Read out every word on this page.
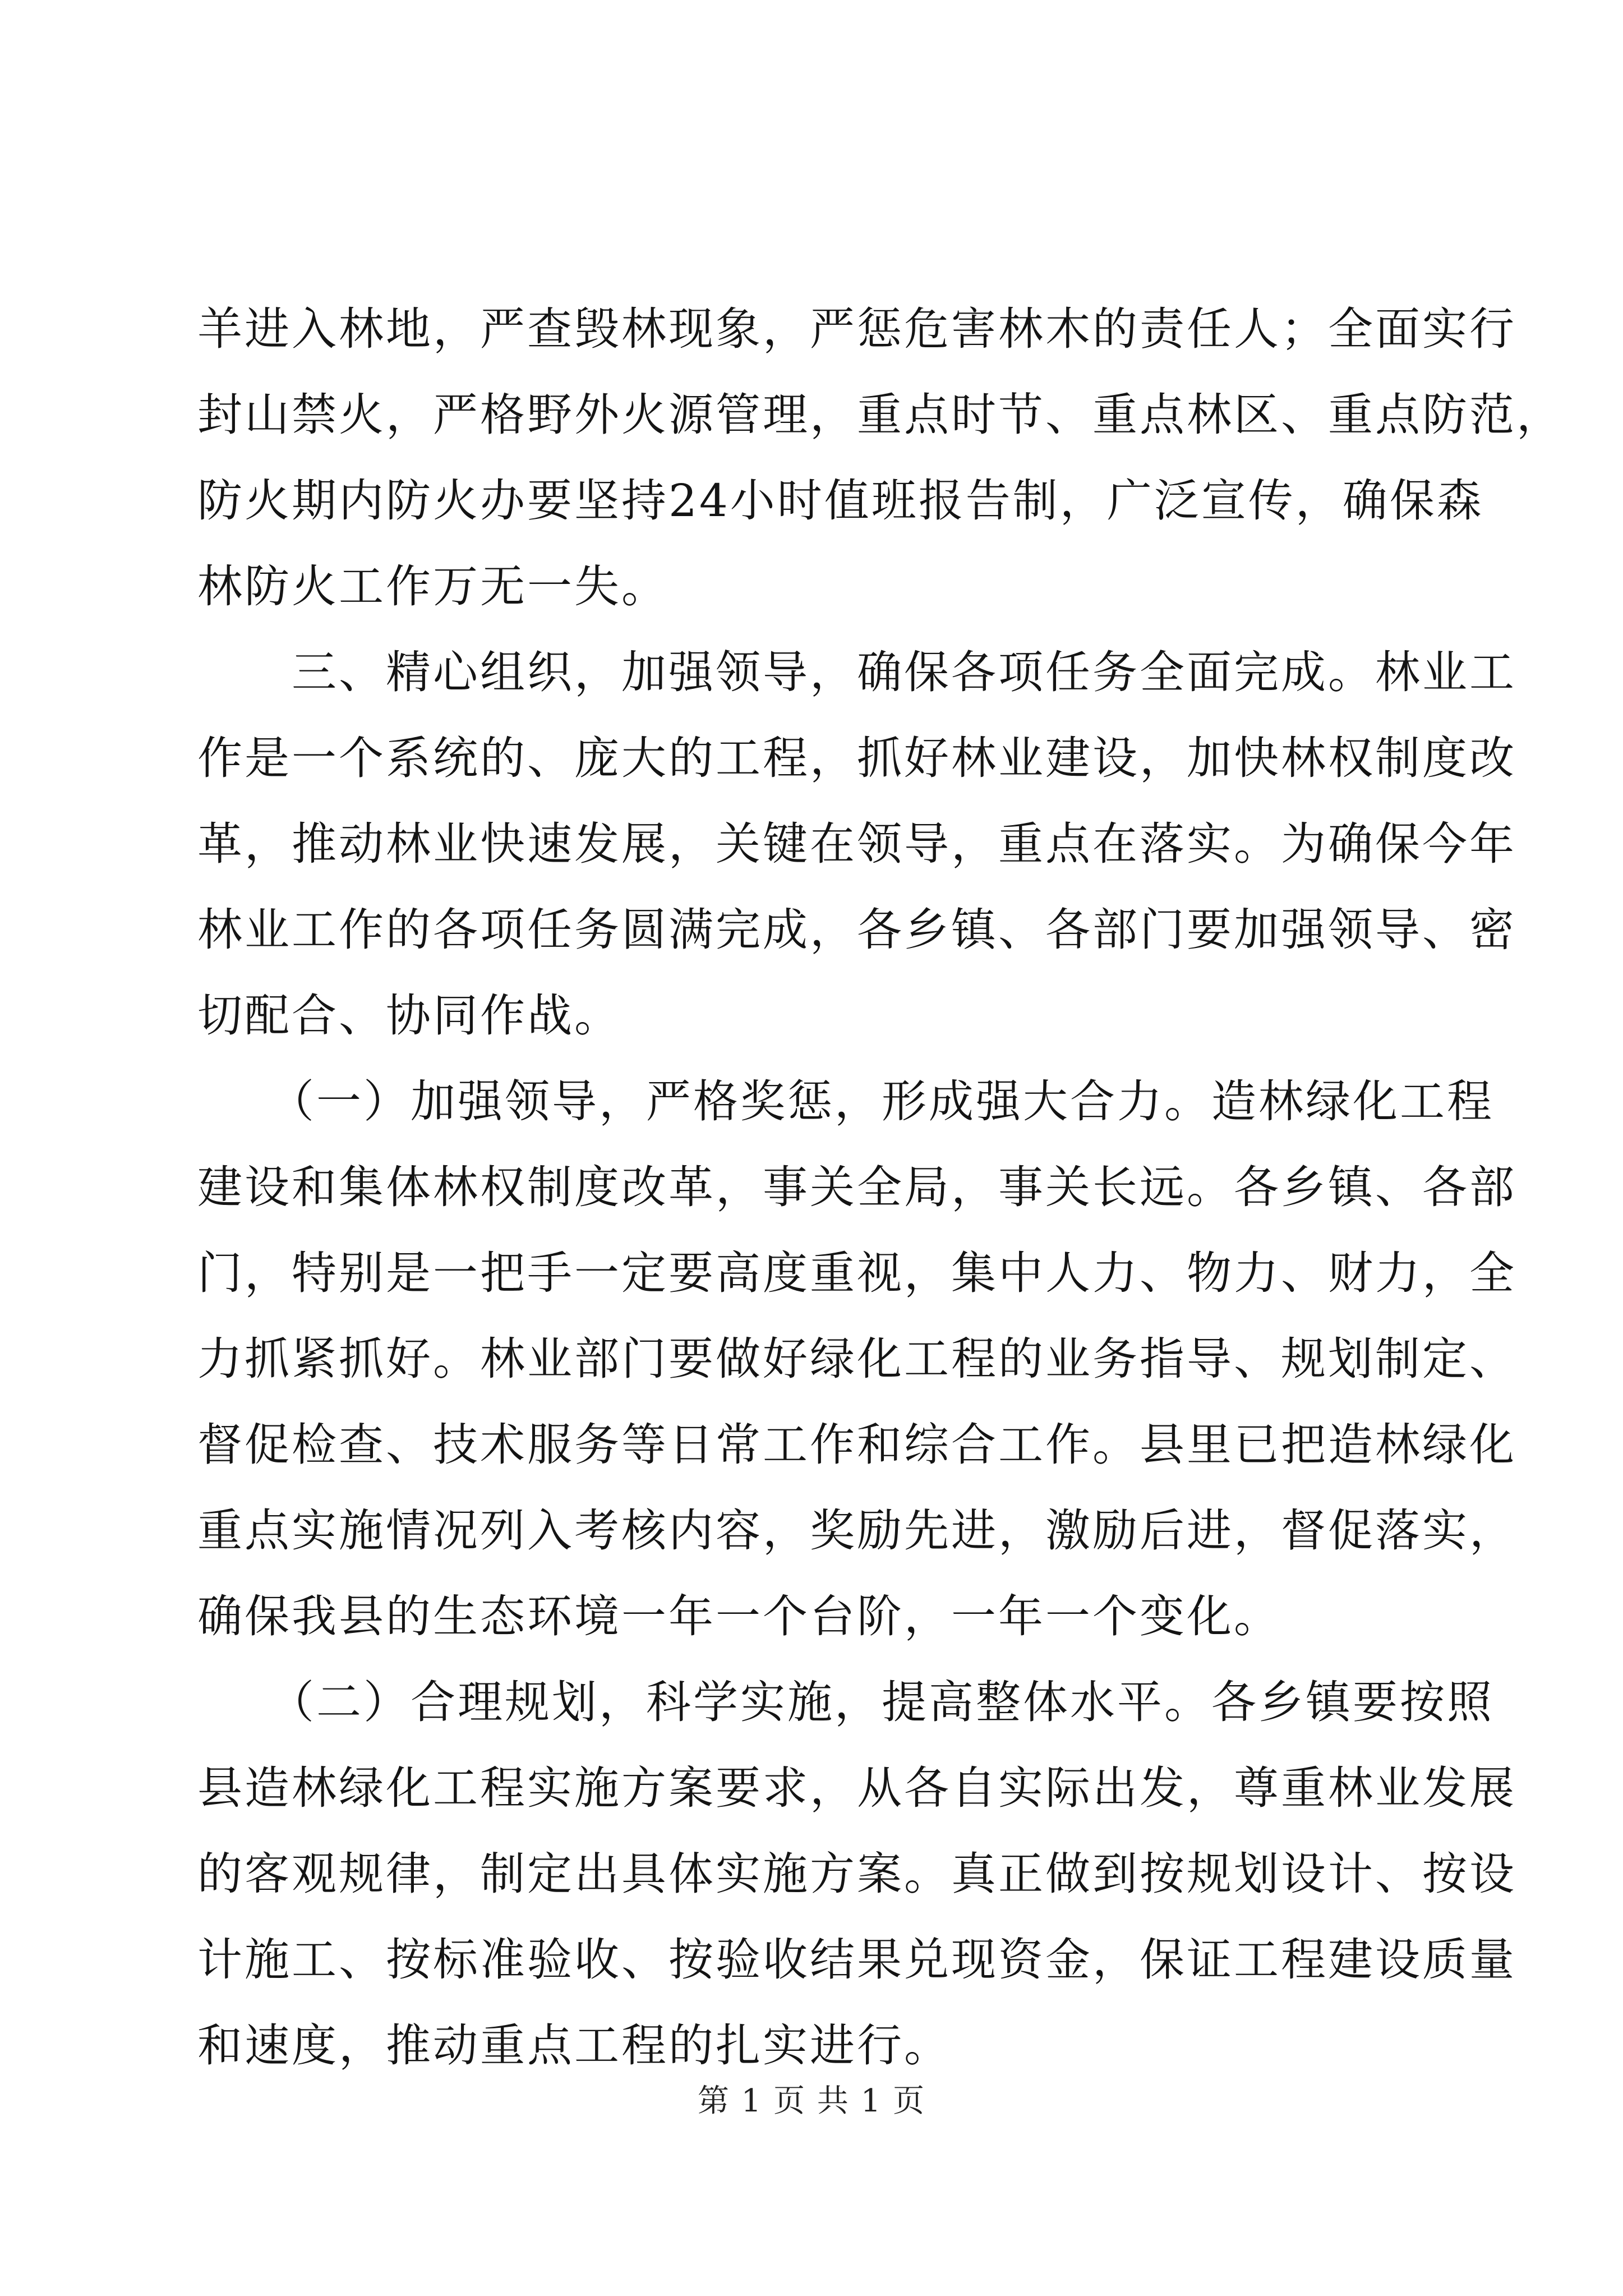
羊进入林地，严查毁林现象，严惩危害林木的责任人；全面实行
封山禁火，严格野外火源管理，重点时节、重点林区、重点防范，
防火期内防火办要坚持24小时值班报告制，广泛宣传，确保森
林防火工作万无一失。
　　三、精心组织，加强领导，确保各项任务全面完成。林业工
作是一个系统的、庞大的工程，抓好林业建设，加快林权制度改
革，推动林业快速发展，关键在领导，重点在落实。为确保今年
林业工作的各项任务圆满完成，各乡镇、各部门要加强领导、密
切配合、协同作战。
　　（一）加强领导，严格奖惩，形成强大合力。造林绿化工程
建设和集体林权制度改革，事关全局，事关长远。各乡镇、各部
门，特别是一把手一定要高度重视，集中人力、物力、财力，全
力抓紧抓好。林业部门要做好绿化工程的业务指导、规划制定、
督促检查、技术服务等日常工作和综合工作。县里已把造林绿化
重点实施情况列入考核内容，奖励先进，激励后进，督促落实，
确保我县的生态环境一年一个台阶，一年一个变化。
　　（二）合理规划，科学实施，提高整体水平。各乡镇要按照
县造林绿化工程实施方案要求，从各自实际出发，尊重林业发展
的客观规律，制定出具体实施方案。真正做到按规划设计、按设
计施工、按标准验收、按验收结果兑现资金，保证工程建设质量
和速度，推动重点工程的扎实进行。
第 1 页 共 1 页
